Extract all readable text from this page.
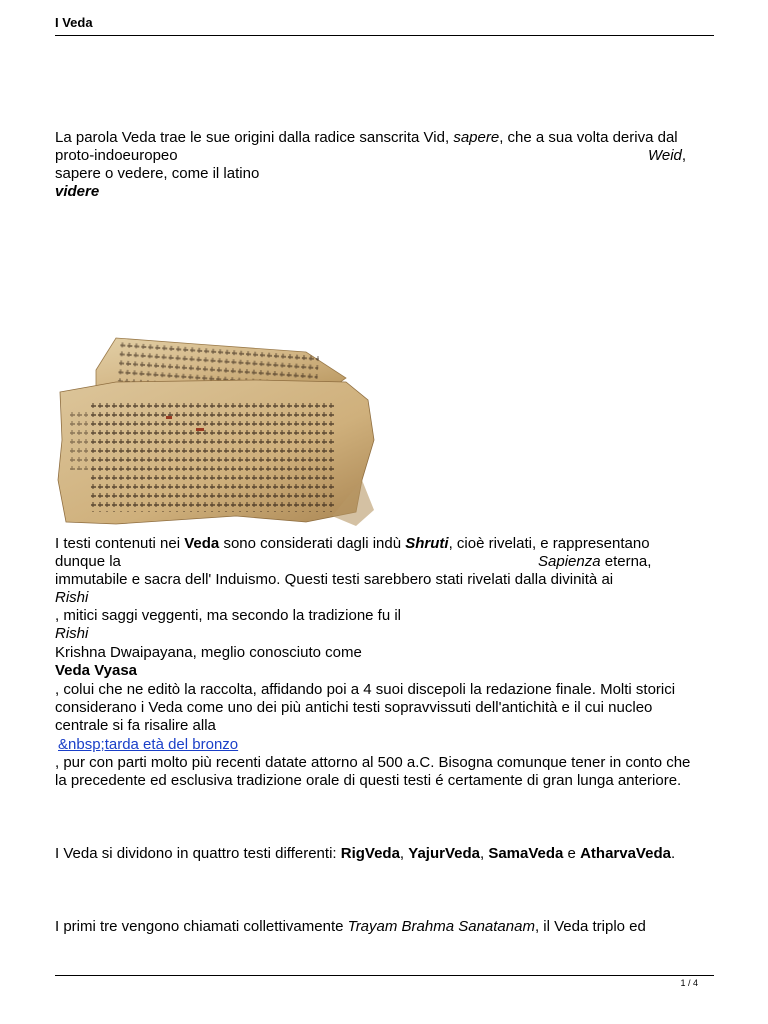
I Veda
La parola Veda trae le sue origini dalla radice sanscrita Vid, sapere, che a sua volta deriva dal
proto-indoeuropeo	Weid,
sapere o vedere, come il latino
videre
I testi contenuti nei Veda sono considerati dagli indù Shruti, cioè rivelati, e rappresentano
dunque la	Sapienza eterna,
immutabile e sacra dell' Induismo. Questi testi sarebbero stati rivelati dalla divinità ai
Rishi
, mitici saggi veggenti, ma secondo la tradizione fu il
Rishi
Krishna Dwaipayana, meglio conosciuto come
Veda Vyasa
, colui che ne editò la raccolta, affidando poi a 4 suoi discepoli la redazione finale. Molti storici
considerano i Veda come uno dei più antichi testi sopravvissuti dell'antichità e il cui nucleo
centrale si fa risalire alla
&nbsp;tarda età del bronzo
, pur con parti molto più recenti datate attorno al 500 a.C. Bisogna comunque tener in conto che
la precedente ed esclusiva tradizione orale di questi testi é certamente di gran lunga anteriore.
I Veda si dividono in quattro testi differenti: RigVeda, YajurVeda, SamaVeda e AtharvaVeda.
I primi tre vengono chiamati collettivamente Trayam Brahma Sanatanam, il Veda triplo ed
1 / 4
